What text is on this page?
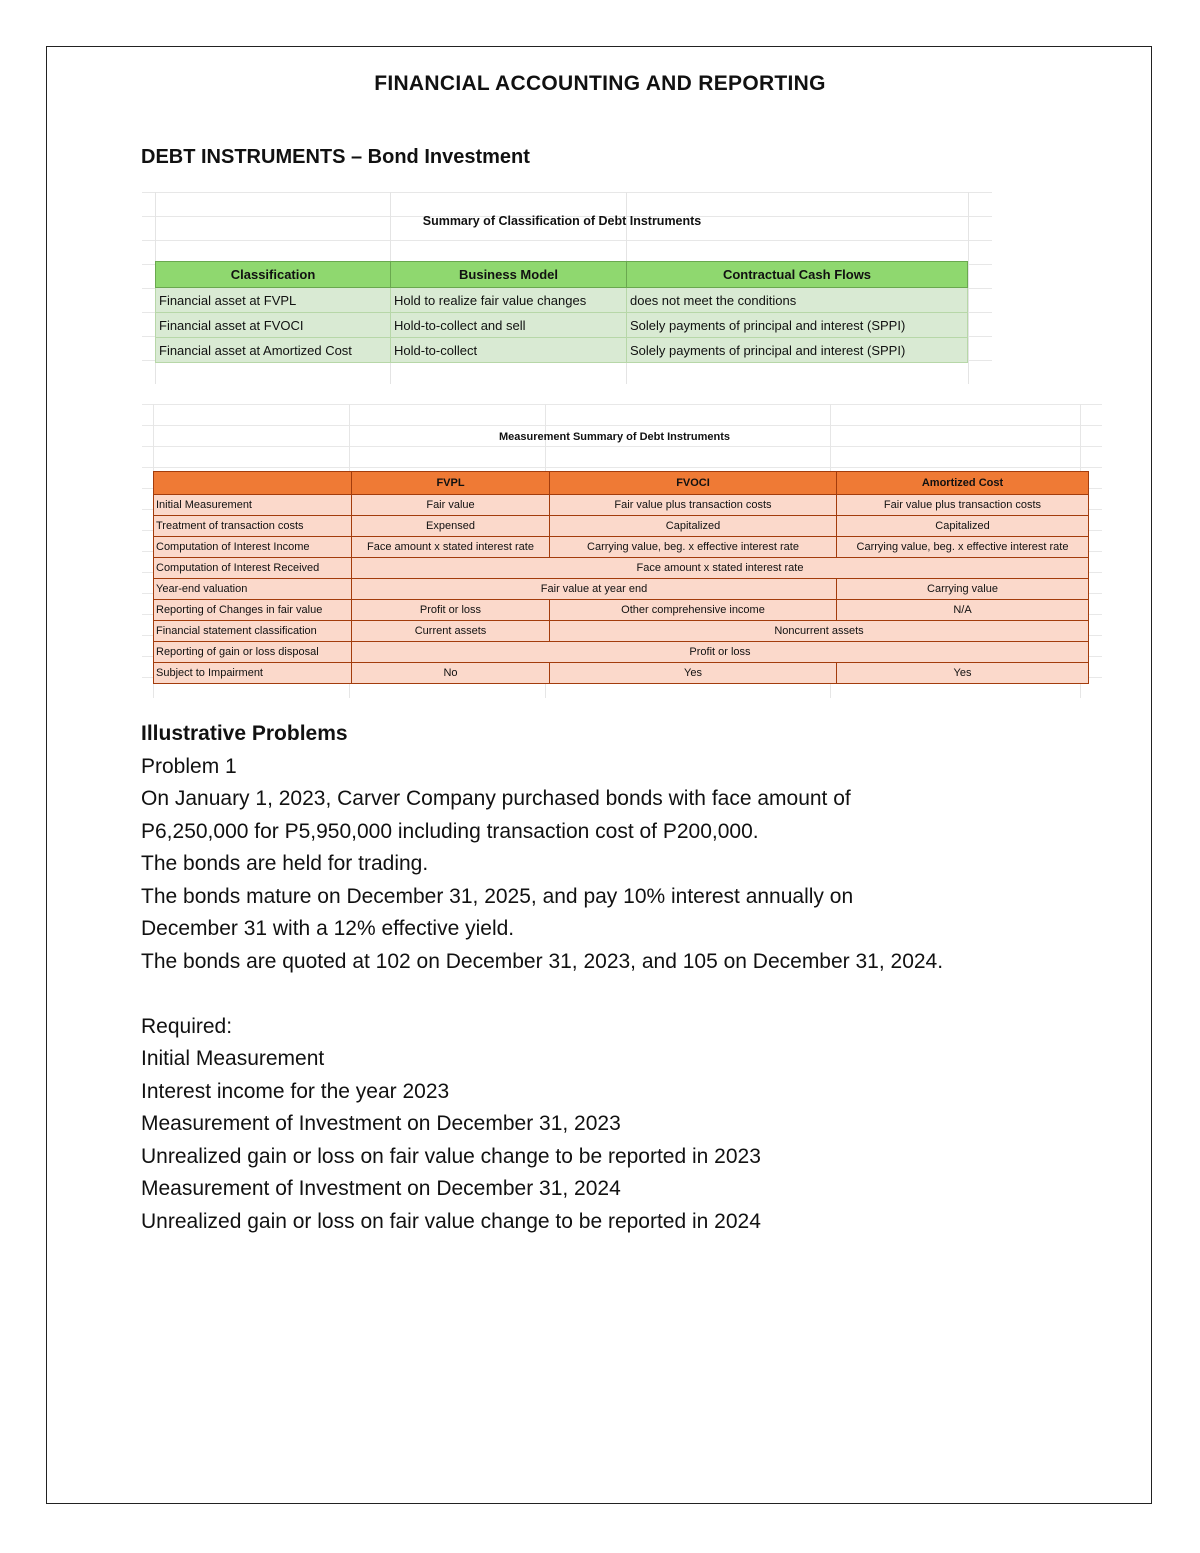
FINANCIAL ACCOUNTING AND REPORTING
DEBT INSTRUMENTS – Bond Investment
Summary of Classification of Debt Instruments
Classification	Business Model	Contractual Cash Flows
Financial asset at FVPL	Hold to realize fair value changes	does not meet the conditions
Financial asset at FVOCI	Hold-to-collect and sell	Solely payments of principal and interest (SPPI)
Financial asset at Amortized Cost	Hold-to-collect	Solely payments of principal and interest (SPPI)
Measurement Summary of Debt Instruments
	FVPL	FVOCI	Amortized Cost
Initial Measurement	Fair value	Fair value plus transaction costs	Fair value plus transaction costs
Treatment of transaction costs	Expensed	Capitalized	Capitalized
Computation of Interest Income	Face amount x stated interest rate	Carrying value, beg. x effective interest rate	Carrying value, beg. x effective interest rate
Computation of Interest Received	Face amount x stated interest rate		
Year-end valuation	Fair value at year end		Carrying value
Reporting of Changes in fair value	Profit or loss	Other comprehensive income	N/A
Financial statement classification	Current assets	Noncurrent assets	
Reporting of gain or loss disposal	Profit or loss		
Subject to Impairment	No	Yes	Yes

Illustrative Problems

Problem 1

On January 1, 2023, Carver Company purchased bonds with face amount of

P6,250,000 for P5,950,000 including transaction cost of P200,000.

The bonds are held for trading.

The bonds mature on December 31, 2025, and pay 10% interest annually on

December 31 with a 12% effective yield.

The bonds are quoted at 102 on December 31, 2023, and 105 on December 31, 2024.

Required:

Initial Measurement

Interest income for the year 2023

Measurement of Investment on December 31, 2023

Unrealized gain or loss on fair value change to be reported in 2023

Measurement of Investment on December 31, 2024

Unrealized gain or loss on fair value change to be reported in 2024
